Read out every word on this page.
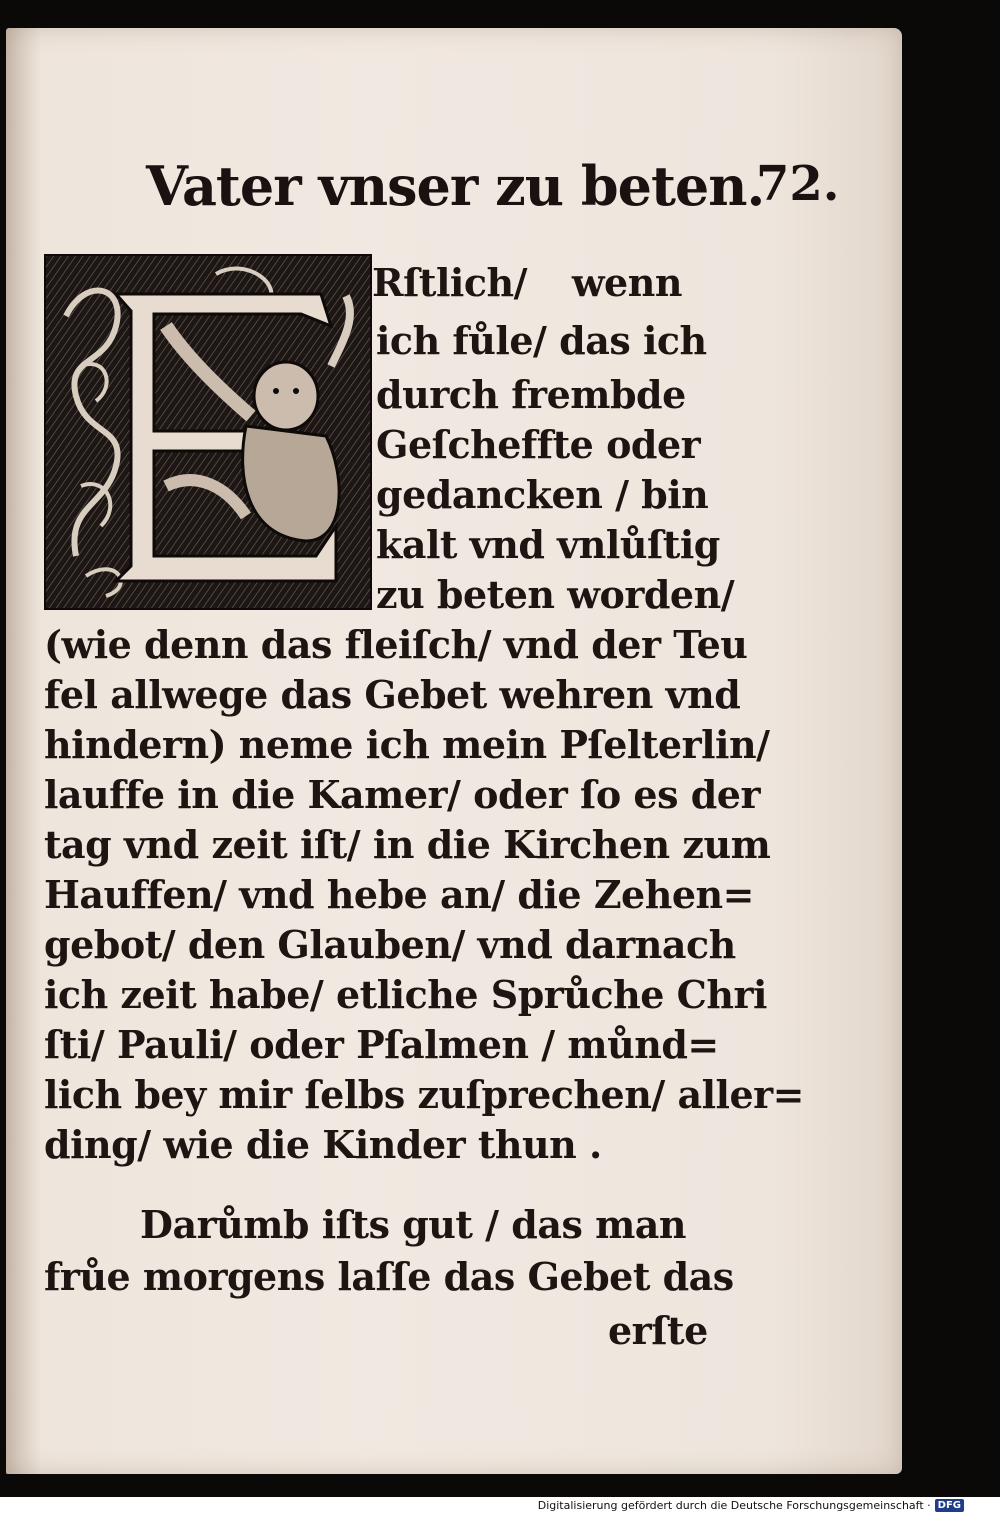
Vater vnser zu beten.
72.
Rſtlich/ wenn
ich fůle/ das ich
durch frembde
Geſcheffte oder
gedancken / bin
kalt vnd vnlůſtig
zu beten worden/
(wie denn das fleiſch/ vnd der Teu
fel allwege das Gebet wehren vnd
hindern) neme ich mein Pſelterlin/
lauffe in die Kamer/ oder ſo es der
tag vnd zeit iſt/ in die Kirchen zum
Hauffen/ vnd hebe an/ die Zehen=
gebot/ den Glauben/ vnd darnach
ich zeit habe/ etliche Sprůche Chri
ſti/ Pauli/ oder Pſalmen / můnd=
lich bey mir ſelbs zuſprechen/ aller=
ding/ wie die Kinder thun .
Darůmb iſts gut / das man
frůe morgens laſſe das Gebet das
erſte
Digitalisierung gefördert durch die Deutsche Forschungsgemeinschaft · DFG
